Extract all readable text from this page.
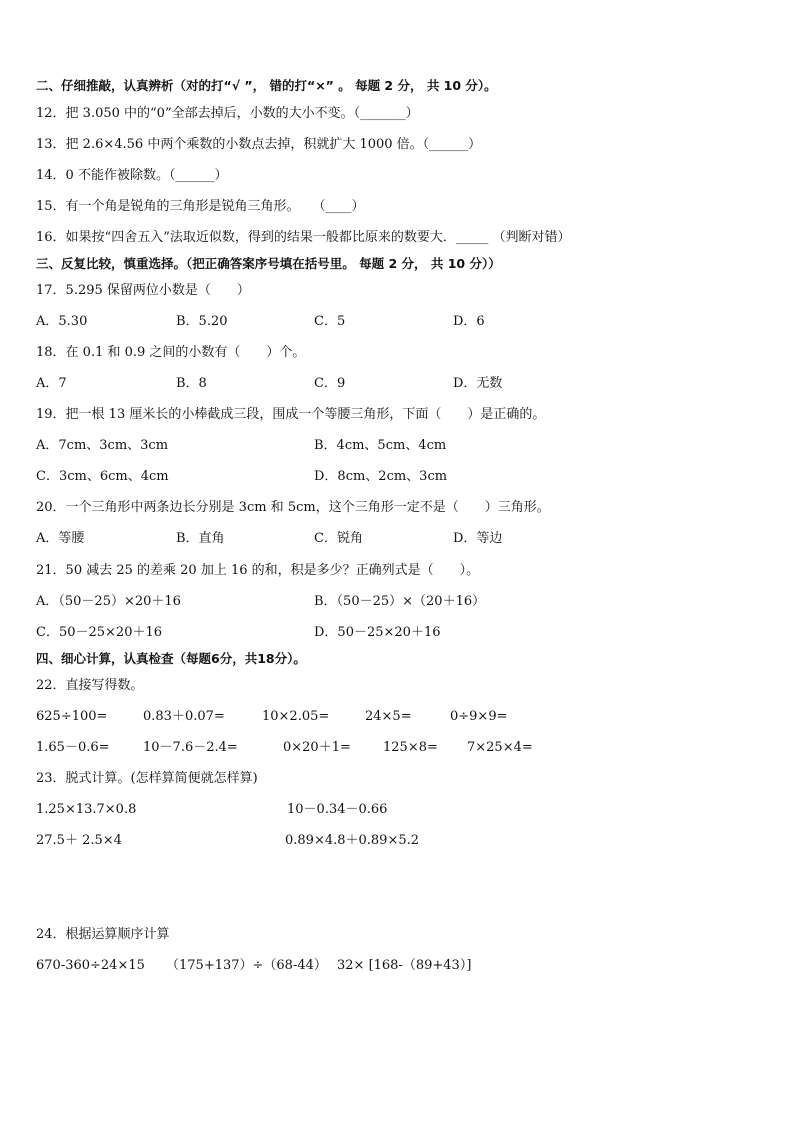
二、仔细推敲，认真辨析（对的打“√ ”， 错的打“×” 。 每题 2 分， 共 10 分）。
12．把 3.050 中的“0”全部去掉后，小数的大小不变。（_______）
13．把 2.6×4.56 中两个乘数的小数点去掉，积就扩大 1000 倍。（______）
14．0 不能作被除数。（______）
15．有一个角是锐角的三角形是锐角三角形。　　（____）
16．如果按“四舍五入”法取近似数，得到的结果一般都比原来的数要大．_____ （判断对错）
三、反复比较，慎重选择。（把正确答案序号填在括号里。 每题 2 分， 共 10 分））
17．5.295 保留两位小数是（　　）
A．5.30	B．5.20	C．5	D．6
18．在 0.1 和 0.9 之间的小数有（　　）个。
A．7	B．8	C．9	D．无数
19．把一根 13 厘米长的小棒截成三段，围成一个等腰三角形，下面（　　）是正确的。
A．7cm、3cm、3cm	B．4cm、5cm、4cm
C．3cm、6cm、4cm	D．8cm、2cm、3cm
20．一个三角形中两条边长分别是 3cm 和 5cm，这个三角形一定不是（　　）三角形。
A．等腰	B．直角	C．锐角	D．等边
21．50 减去 25 的差乘 20 加上 16 的和，积是多少？正确列式是（　　）。
A．（50－25）×20＋16	B．（50－25）×（20＋16）
C．50－25×20＋16	D．50－25×20＋16
四、细心计算，认真检查（每题6分，共18分）。
22．直接写得数。
625÷100=	0.83＋0.07=	10×2.05=	24×5=	0÷9×9=
1.65－0.6=	10－7.6－2.4=	0×20＋1= 125×8= 7×25×4=
23．脱式计算。(怎样算简便就怎样算)
1.25×13.7×0.8	10－0.34－0.66
27.5＋ 2.5×4	0.89×4.8＋0.89×5.2
24．根据运算顺序计算
670-360÷24×15 （175+137）÷（68-44） 32× [168-（89+43）]
